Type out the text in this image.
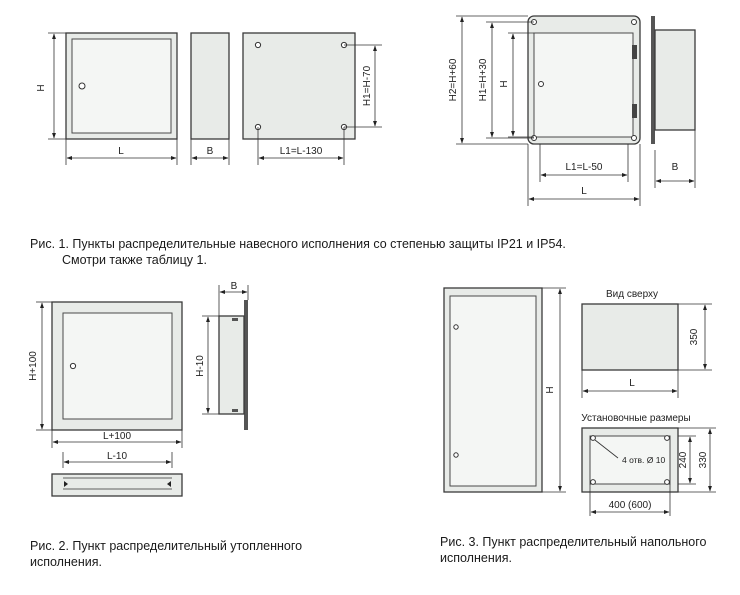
H
L	B
H1=H-70
L1=L-130
H2=H+60 H1=H+30 H
L1=L-50
L
B
H+100
L+100
L-10
B
H-10
H
Вид сверху
350
L
Установочные размеры
4 отв. Ø 10 240 330
400 (600)
Рис. 1. Пункты распределительные навесного исполнения со степенью защиты IP21 и IP54.
Смотри также таблицу 1.
Рис. 2. Пункт распределительный утопленного
исполнения.
Рис. 3. Пункт распределительный напольного
исполнения.
